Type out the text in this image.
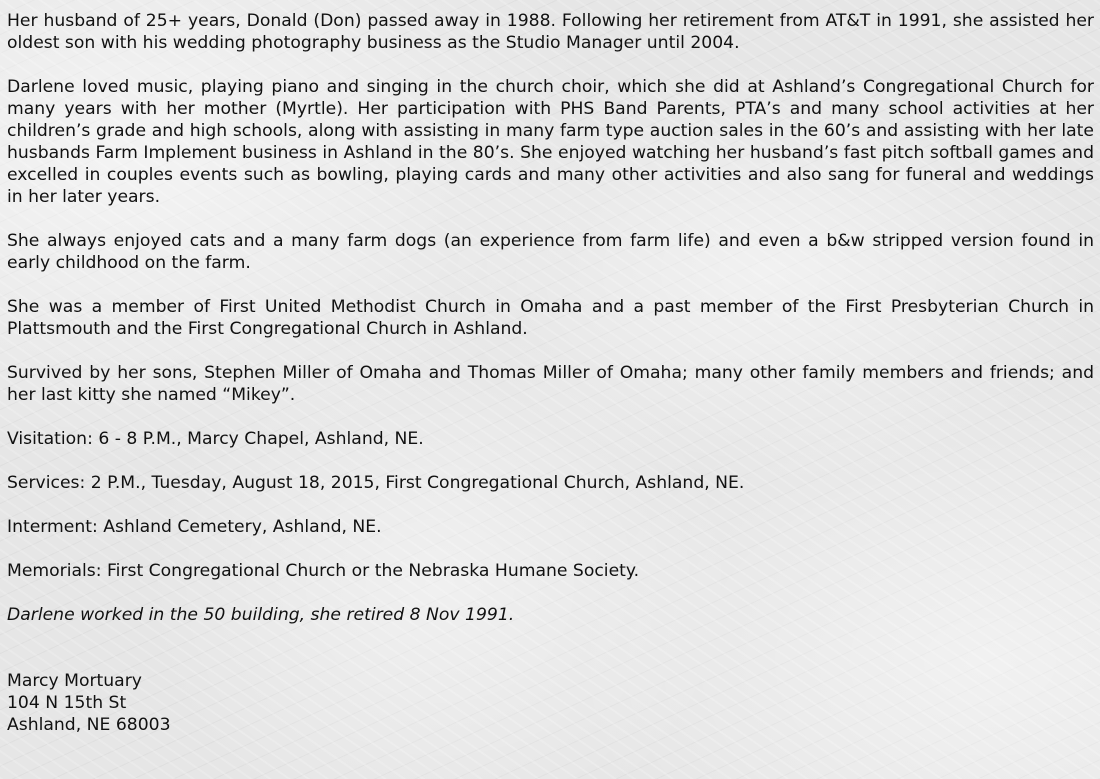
Her husband of 25+ years, Donald (Don) passed away in 1988. Following her retirement from AT&T in 1991, she assisted her oldest son with his wedding photography business as the Studio Manager until 2004.

Darlene loved music, playing piano and singing in the church choir, which she did at Ashland’s Congregational Church for many years with her mother (Myrtle). Her participation with PHS Band Parents, PTA’s and many school activities at her children’s grade and high schools, along with assisting in many farm type auction sales in the 60’s and assisting with her late husbands Farm Implement business in Ashland in the 80’s. She enjoyed watching her husband’s fast pitch softball games and excelled in couples events such as bowling, playing cards and many other activities and also sang for funeral and weddings in her later years.

She always enjoyed cats and a many farm dogs (an experience from farm life) and even a b&w stripped version found in early childhood on the farm.

She was a member of First United Methodist Church in Omaha and a past member of the First Presbyterian Church in Plattsmouth and the First Congregational Church in Ashland.

Survived by her sons, Stephen Miller of Omaha and Thomas Miller of Omaha; many other family members and friends; and her last kitty she named “Mikey”.

Visitation: 6 - 8 P.M., Marcy Chapel, Ashland, NE.

Services: 2 P.M., Tuesday, August 18, 2015, First Congregational Church, Ashland, NE.

Interment: Ashland Cemetery, Ashland, NE.

Memorials: First Congregational Church or the Nebraska Humane Society.

Darlene worked in the 50 building, she retired 8 Nov 1991.

Marcy Mortuary
104 N 15th St
Ashland, NE 68003
